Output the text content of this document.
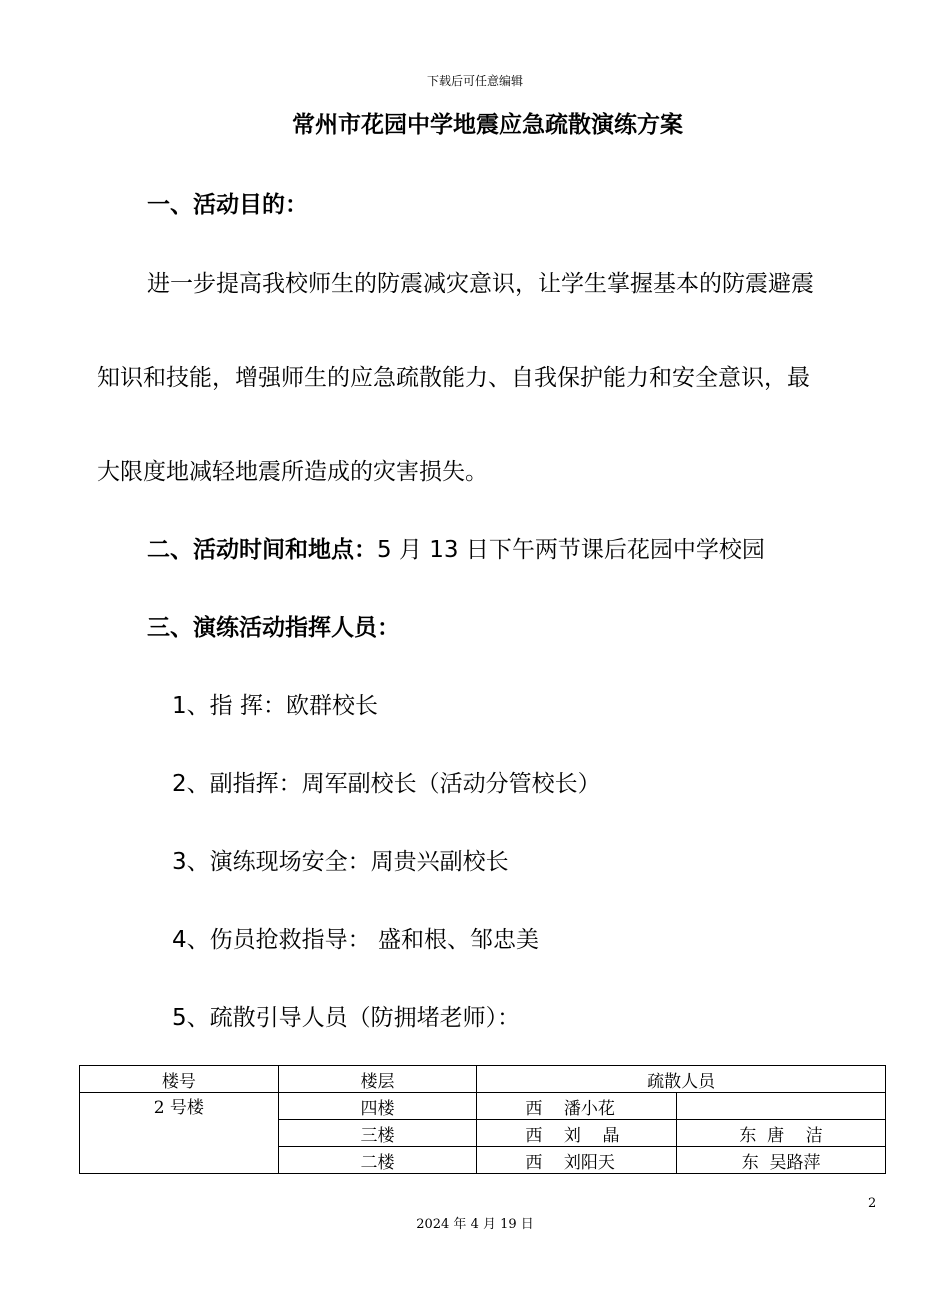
下载后可任意编辑
常州市花园中学地震应急疏散演练方案
一、活动目的：
进一步提高我校师生的防震减灾意识，让学生掌握基本的防震避震
知识和技能，增强师生的应急疏散能力、自我保护能力和安全意识，最
大限度地减轻地震所造成的灾害损失。
二、活动时间和地点：5 月 13 日下午两节课后花园中学校园
三、演练活动指挥人员：
1、指 挥：欧群校长
2、副指挥：周军副校长（活动分管校长）
3、演练现场安全：周贵兴副校长
4、伤员抢救指导： 盛和根、邹忠美
5、疏散引导人员（防拥堵老师）：
楼号	楼层	疏散人员	
2 号楼	四楼	西    潘小花	
	三楼	西    刘    晶	东  唐    洁
	二楼	西    刘阳天	东  吴路萍
2
2024 年 4 月 19 日
